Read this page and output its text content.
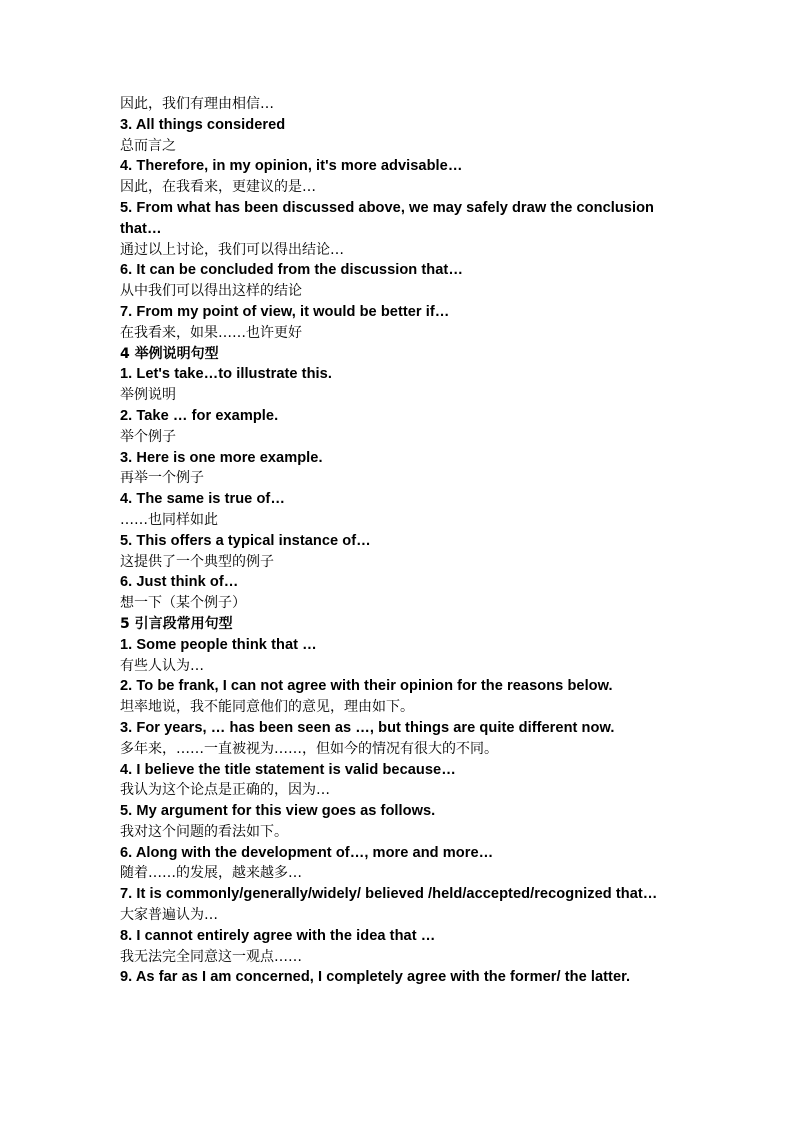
因此，我们有理由相信…
3. All things considered
总而言之
4. Therefore, in my opinion, it's more advisable…
因此，在我看来，更建议的是…
5. From what has been discussed above, we may safely draw the conclusion that…
通过以上讨论，我们可以得出结论…
6. It can be concluded from the discussion that…
从中我们可以得出这样的结论
7. From my point of view, it would be better if…
在我看来，如果……也许更好
4 举例说明句型
1. Let's take…to illustrate this.
举例说明
2. Take … for example.
举个例子
3. Here is one more example.
再举一个例子
4. The same is true of…
……也同样如此
5. This offers a typical instance of…
这提供了一个典型的例子
6. Just think of…
想一下（某个例子）
5 引言段常用句型
1. Some people think that …
有些人认为…
2. To be frank, I can not agree with their opinion for the reasons below.
坦率地说，我不能同意他们的意见，理由如下。
3. For years, … has been seen as …, but things are quite different now.
多年来，……一直被视为……，但如今的情况有很大的不同。
4. I believe the title statement is valid because…
我认为这个论点是正确的，因为…
5. My argument for this view goes as follows.
我对这个问题的看法如下。
6. Along with the development of…, more and more…
随着……的发展，越来越多…
7. It is commonly/generally/widely/ believed /held/accepted/recognized that…
大家普遍认为…
8. I cannot entirely agree with the idea that …
我无法完全同意这一观点……
9. As far as I am concerned, I completely agree with the former/ the latter.
